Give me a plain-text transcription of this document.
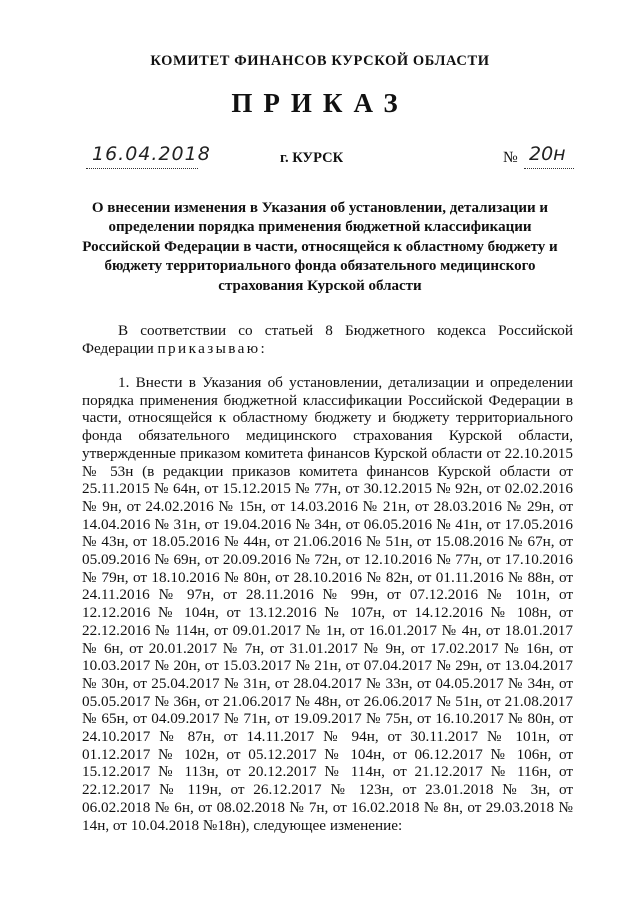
КОМИТЕТ ФИНАНСОВ КУРСКОЙ ОБЛАСТИ
ПРИКАЗ
16.04.2018	г. КУРСК	№ 20н
О внесении изменения в Указания об установлении, детализации и определении порядка применения бюджетной классификации Российской Федерации в части, относящейся к областному бюджету и бюджету территориального фонда обязательного медицинского страхования Курской области
В соответствии со статьей 8 Бюджетного кодекса Российской Федерации приказываю:
1. Внести в Указания об установлении, детализации и определении порядка применения бюджетной классификации Российской Федерации в части, относящейся к областному бюджету и бюджету территориального фонда обязательного медицинского страхования Курской области, утвержденные приказом комитета финансов Курской области от 22.10.2015 № 53н (в редакции приказов комитета финансов Курской области от 25.11.2015 № 64н, от 15.12.2015 № 77н, от 30.12.2015 № 92н, от 02.02.2016 № 9н, от 24.02.2016 № 15н, от 14.03.2016 № 21н, от 28.03.2016 № 29н, от 14.04.2016 № 31н, от 19.04.2016 № 34н, от 06.05.2016 № 41н, от 17.05.2016 № 43н, от 18.05.2016 № 44н, от 21.06.2016 № 51н, от 15.08.2016 № 67н, от 05.09.2016 № 69н, от 20.09.2016 № 72н, от 12.10.2016 № 77н, от 17.10.2016 № 79н, от 18.10.2016 № 80н, от 28.10.2016 № 82н, от 01.11.2016 № 88н, от 24.11.2016 № 97н, от 28.11.2016 № 99н, от 07.12.2016 № 101н, от 12.12.2016 № 104н, от 13.12.2016 № 107н, от 14.12.2016 № 108н, от 22.12.2016 № 114н, от 09.01.2017 № 1н, от 16.01.2017 № 4н, от 18.01.2017 № 6н, от 20.01.2017 № 7н, от 31.01.2017 № 9н, от 17.02.2017 № 16н, от 10.03.2017 № 20н, от 15.03.2017 № 21н, от 07.04.2017 № 29н, от 13.04.2017 № 30н, от 25.04.2017 № 31н, от 28.04.2017 № 33н, от 04.05.2017 № 34н, от 05.05.2017 № 36н, от 21.06.2017 № 48н, от 26.06.2017 № 51н, от 21.08.2017 № 65н, от 04.09.2017 № 71н, от 19.09.2017 № 75н, от 16.10.2017 № 80н, от 24.10.2017 № 87н, от 14.11.2017 № 94н, от 30.11.2017 № 101н, от 01.12.2017 № 102н, от 05.12.2017 № 104н, от 06.12.2017 № 106н, от 15.12.2017 № 113н, от 20.12.2017 № 114н, от 21.12.2017 № 116н, от 22.12.2017 № 119н, от 26.12.2017 № 123н, от 23.01.2018 № 3н, от 06.02.2018 № 6н, от 08.02.2018 № 7н, от 16.02.2018 № 8н, от 29.03.2018 № 14н, от 10.04.2018 №18н), следующее изменение:
